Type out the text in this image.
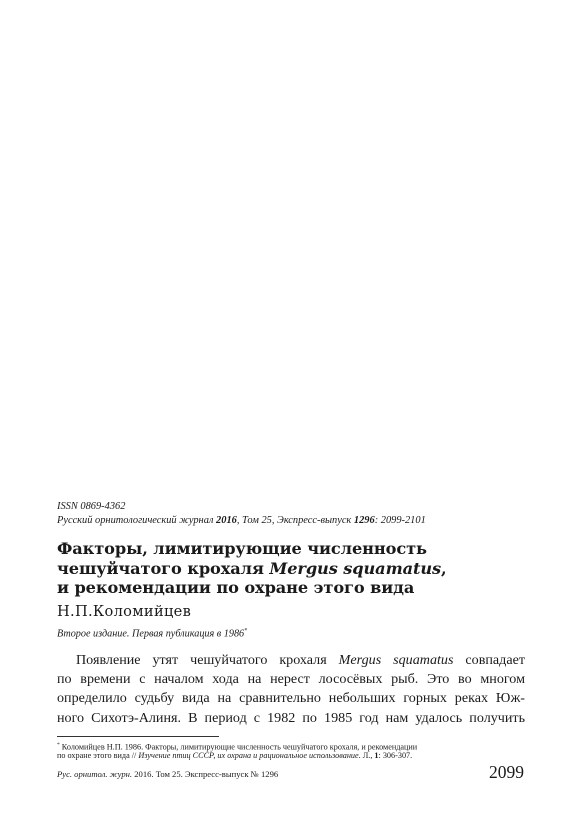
ISSN 0869-4362
Русский орнитологический журнал 2016, Том 25, Экспресс-выпуск 1296: 2099-2101
Факторы, лимитирующие численность
чешуйчатого крохаля Mergus squamatus,
и рекомендации по охране этого вида
Н.П.Коломийцев
Второе издание. Первая публикация в 1986*
Появление утят чешуйчатого крохаля Mergus squamatus совпадает
по времени с началом хода на нерест лососёвых рыб. Это во многом
определило судьбу вида на сравнительно небольших горных реках Юж-
ного Сихотэ-Алиня. В период с 1982 по 1985 год нам удалось получить
* Коломийцев Н.П. 1986. Факторы, лимитирующие численность чешуйчатого крохаля, и рекомендации
по охране этого вида // Изучение птиц СССР, их охрана и рациональное использование. Л., 1: 306-307.
Рус. орнитол. журн. 2016. Том 25. Экспресс-выпуск № 1296	2099
